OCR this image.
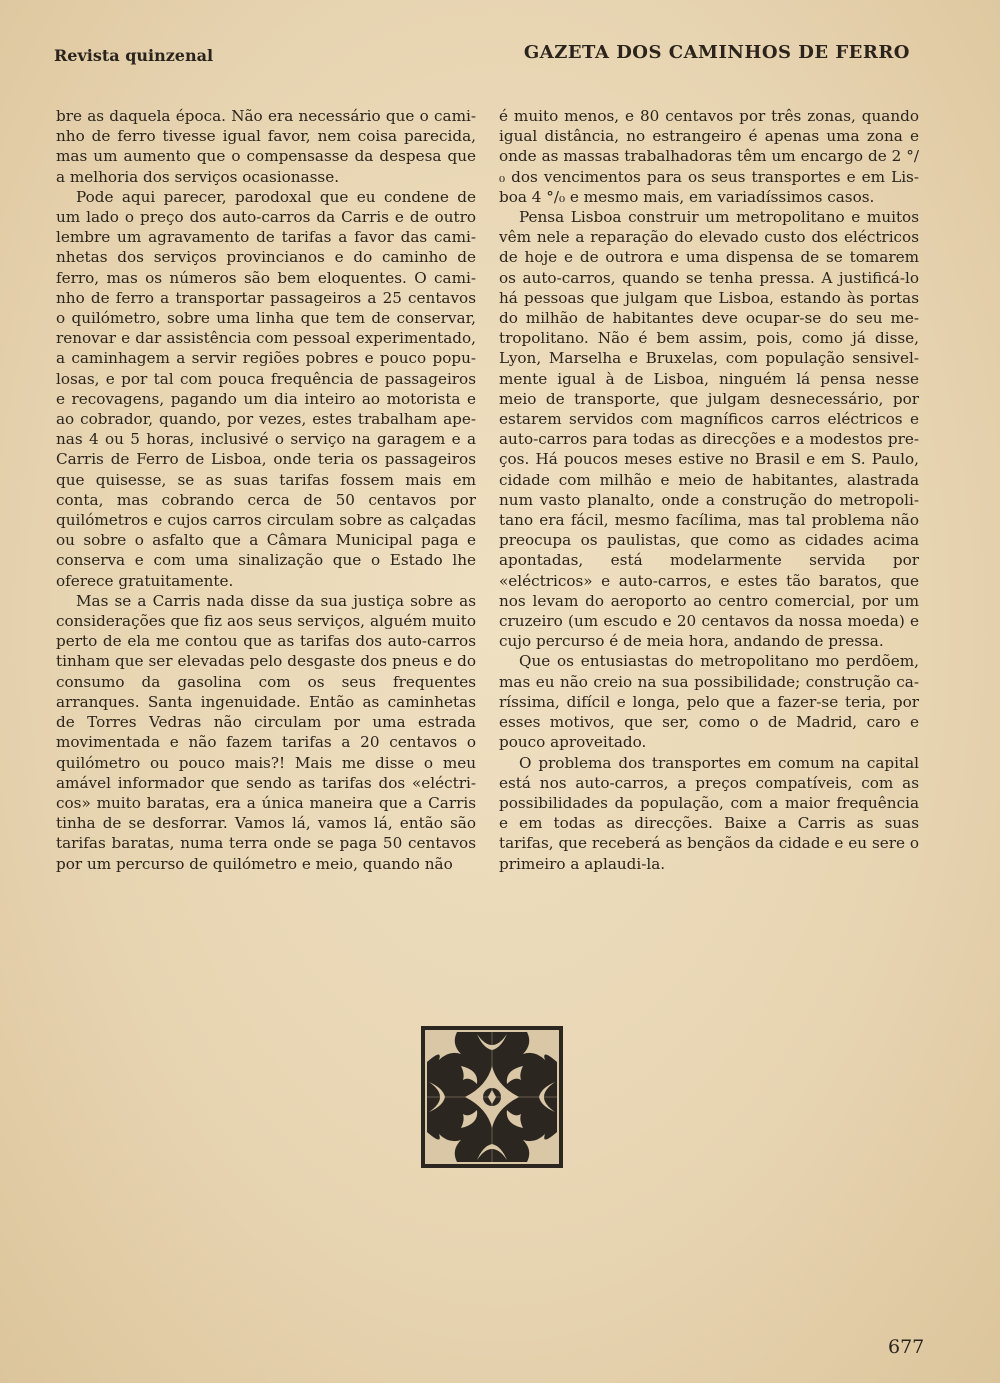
Revista quinzenal	GAZETA DOS CAMINHOS DE FERRO

bre as daquela época. Não era necessário que o caminho de ferro tivesse igual favor, nem coisa parecida, mas um aumento que o compensasse da despesa que a melhoria dos serviços ocasionasse.

Pode aqui parecer, parodoxal que eu condene de um lado o preço dos auto-carros da Carris e de outro lembre um agravamento de tarifas a favor das caminhetas dos serviços provincianos e do caminho de ferro, mas os números são bem eloquentes. O caminho de ferro a transportar passageiros a 25 centavos o quilómetro, sobre uma linha que tem de conservar, renovar e dar assistência com pessoal experimentado, a caminhagem a servir regiões pobres e pouco populosas, e por tal com pouca frequência de passageiros e recovagens, pagando um dia inteiro ao motorista e ao cobrador, quando, por vezes, estes trabalham apenas 4 ou 5 horas, inclusivé o serviço na garagem e a Carris de Ferro de Lisboa, onde teria os passageiros que quisesse, se as suas tarifas fossem mais em conta, mas cobrando cerca de 50 centavos por quilómetros e cujos carros circulam sobre as calçadas ou sobre o asfalto que a Câmara Municipal paga e conserva e com uma sinalização que o Estado lhe oferece gratuitamente.

Mas se a Carris nada disse da sua justiça sobre as considerações que fiz aos seus serviços, alguém muito perto de ela me contou que as tarifas dos auto-carros tinham que ser elevadas pelo desgaste dos pneus e do consumo da gasolina com os seus frequentes arranques. Santa ingenuidade. Então as caminhetas de Torres Vedras não circulam por uma estrada movimentada e não fazem tarifas a 20 centavos o quilómetro ou pouco mais?! Mais me disse o meu amável informador que sendo as tarifas dos «eléctricos» muito baratas, era a única maneira que a Carris tinha de se desforrar. Vamos lá, vamos lá, então são tarifas baratas, numa terra onde se paga 50 centavos por um percurso de quilómetro e meio, quando não

é muito menos, e 80 centavos por três zonas, quando igual distância, no estrangeiro é apenas uma zona e onde as massas trabalhadoras têm um encargo de 2 °/₀ dos vencimentos para os seus transportes e em Lisboa 4 °/₀ e mesmo mais, em variadíssimos casos.

Pensa Lisboa construir um metropolitano e muitos vêm nele a reparação do elevado custo dos eléctricos de hoje e de outrora e uma dispensa de se tomarem os auto-carros, quando se tenha pressa. A justificá-lo há pessoas que julgam que Lisboa, estando às portas do milhão de habitantes deve ocupar-se do seu metropolitano. Não é bem assim, pois, como já disse, Lyon, Marselha e Bruxelas, com população sensivelmente igual à de Lisboa, ninguém lá pensa nesse meio de transporte, que julgam desnecessário, por estarem servidos com magníficos carros eléctricos e auto-carros para todas as direcções e a modestos preços. Há poucos meses estive no Brasil e em S. Paulo, cidade com milhão e meio de habitantes, alastrada num vasto planalto, onde a construção do metropolitano era fácil, mesmo facílima, mas tal problema não preocupa os paulistas, que como as cidades acima apontadas, está modelarmente servida por «eléctricos» e auto-carros, e estes tão baratos, que nos levam do aeroporto ao centro comercial, por um cruzeiro (um escudo e 20 centavos da nossa moeda) e cujo percurso é de meia hora, andando de pressa.

Que os entusiastas do metropolitano mo perdõem, mas eu não creio na sua possibilidade; construção caríssima, difícil e longa, pelo que a fazer-se teria, por esses motivos, que ser, como o de Madrid, caro e pouco aproveitado.

O problema dos transportes em comum na capital está nos auto-carros, a preços compatíveis, com as possibilidades da população, com a maior frequência e em todas as direcções. Baixe a Carris as suas tarifas, que receberá as bençãos da cidade e eu sere o primeiro a aplaudi-la.

677
